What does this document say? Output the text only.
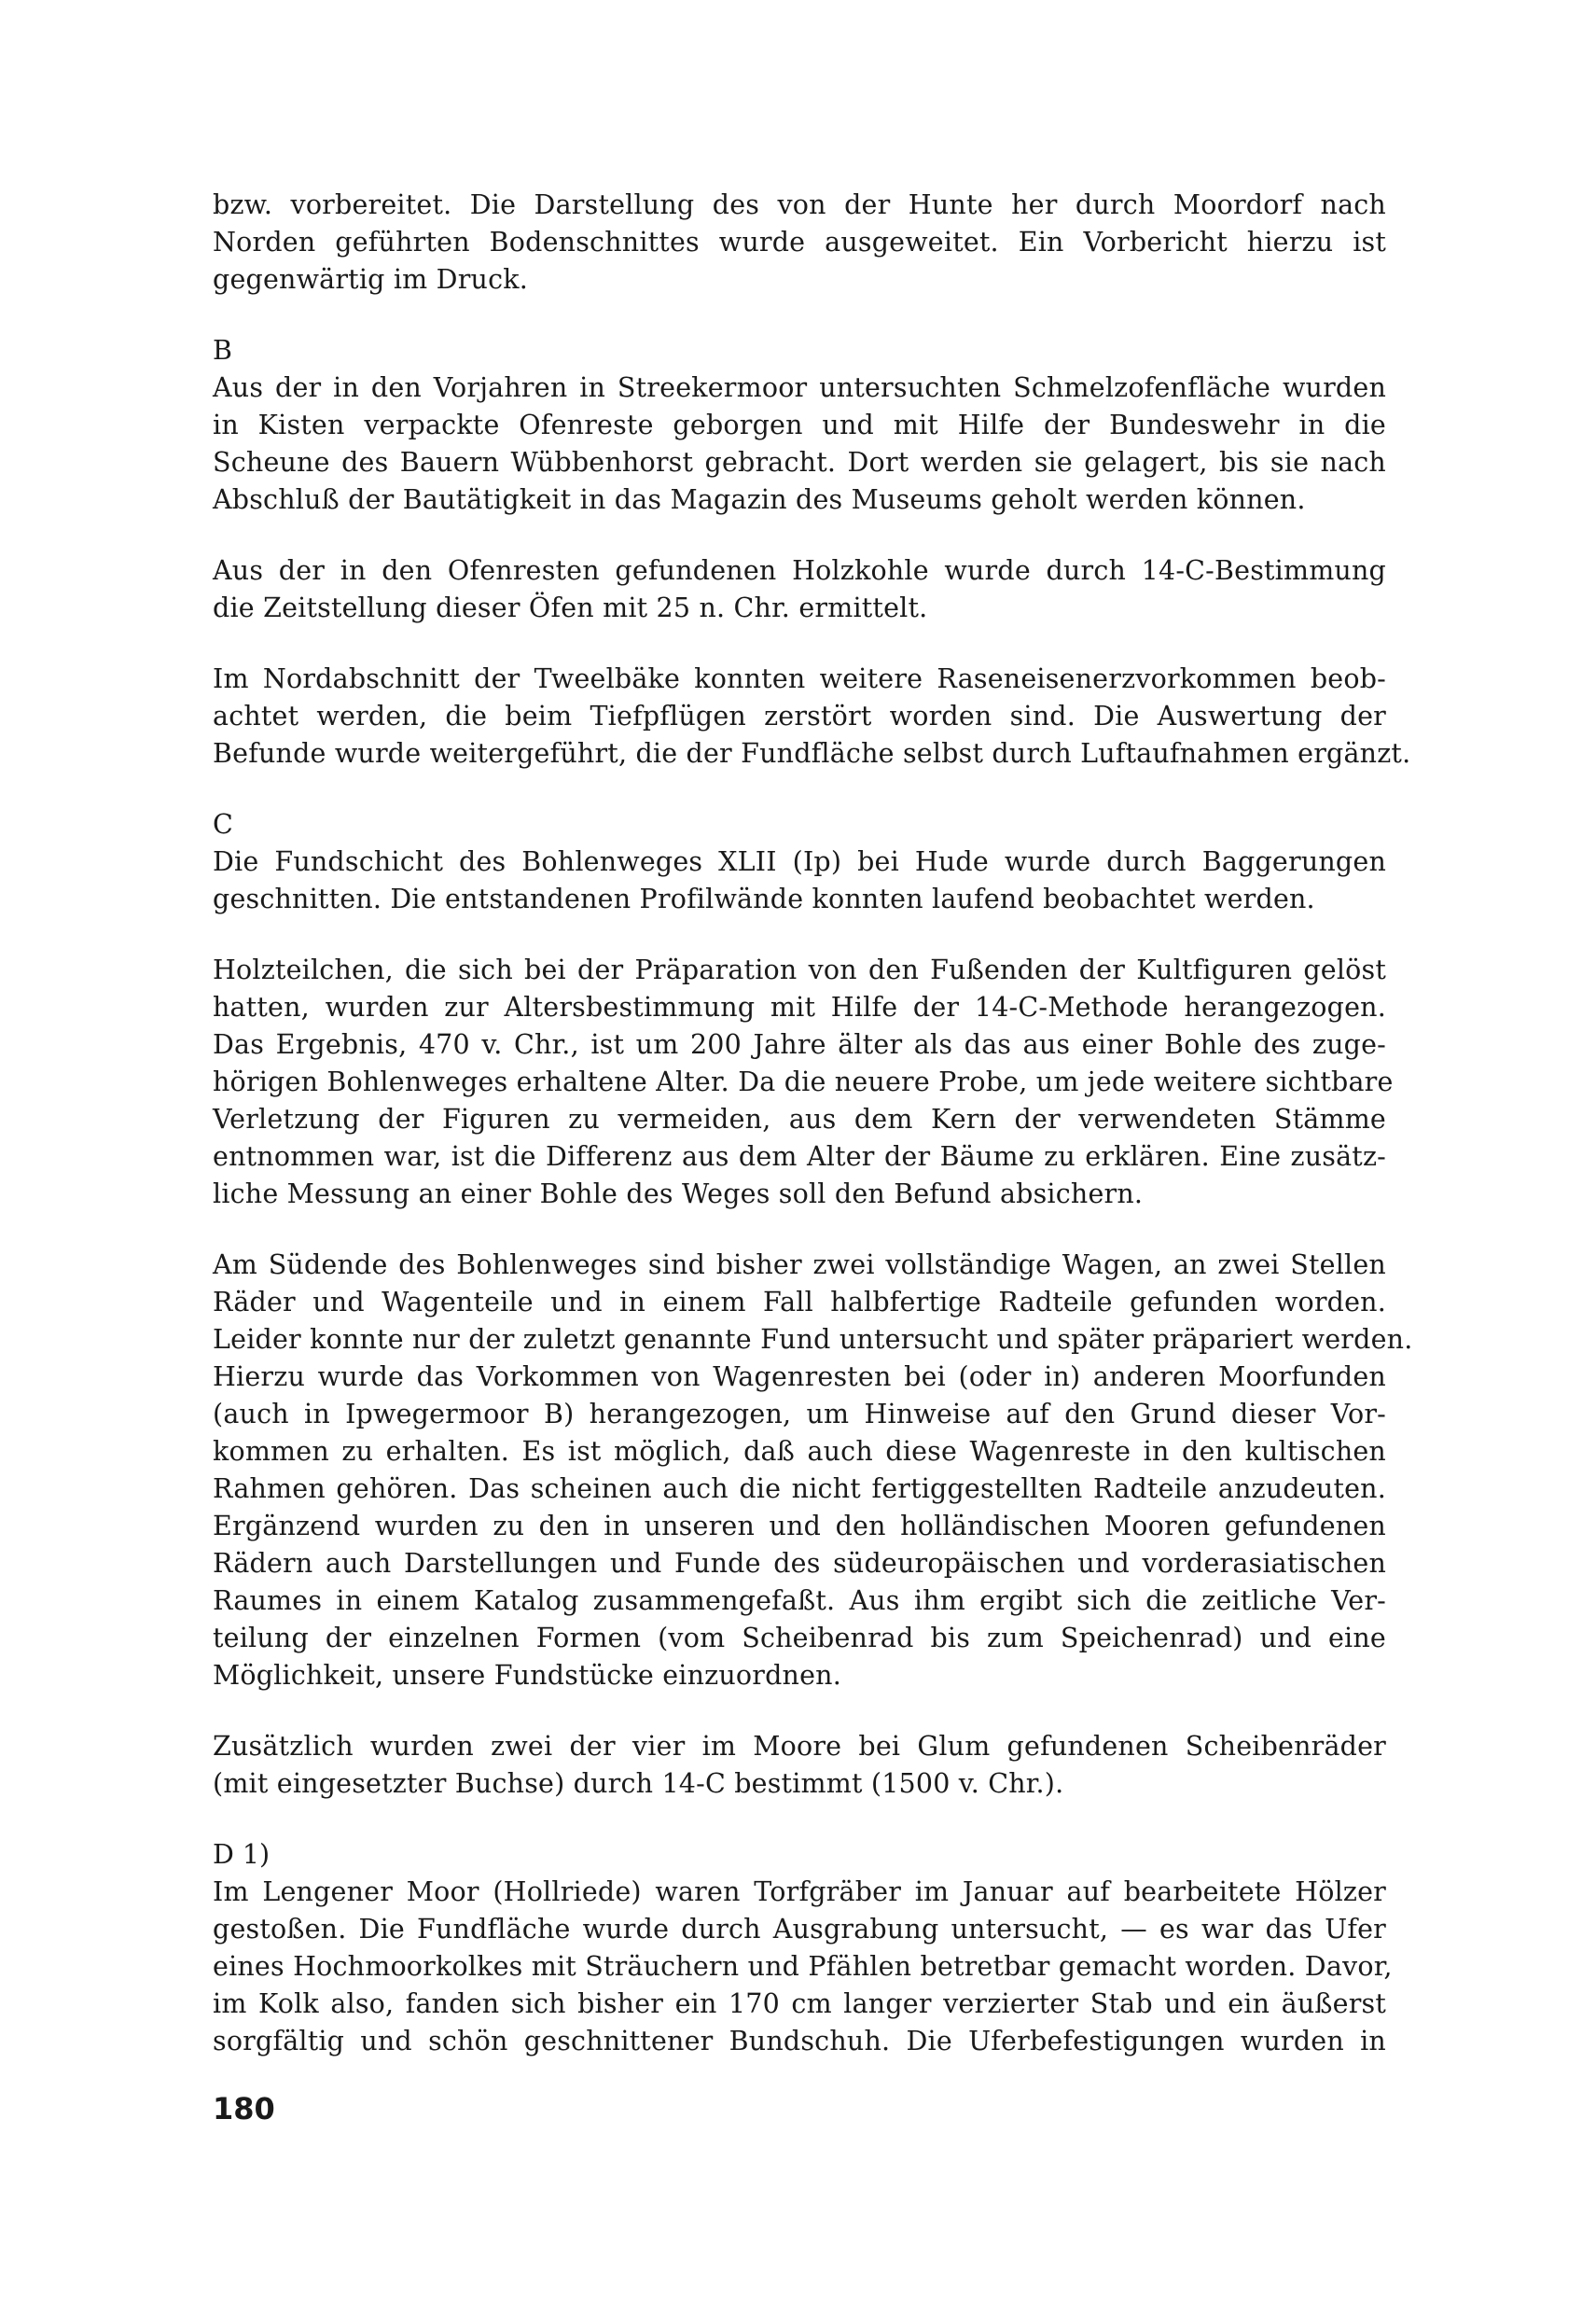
bzw. vorbereitet. Die Darstellung des von der Hunte her durch Moordorf nach
Norden geführten Bodenschnittes wurde ausgeweitet. Ein Vorbericht hierzu ist
gegenwärtig im Druck.
B
Aus der in den Vorjahren in Streekermoor untersuchten Schmelzofenfläche wurden
in Kisten verpackte Ofenreste geborgen und mit Hilfe der Bundeswehr in die
Scheune des Bauern Wübbenhorst gebracht. Dort werden sie gelagert, bis sie nach
Abschluß der Bautätigkeit in das Magazin des Museums geholt werden können.
Aus der in den Ofenresten gefundenen Holzkohle wurde durch 14-C-Bestimmung
die Zeitstellung dieser Öfen mit 25 n. Chr. ermittelt.
Im Nordabschnitt der Tweelbäke konnten weitere Raseneisenerzvorkommen beob-
achtet werden, die beim Tiefpflügen zerstört worden sind. Die Auswertung der
Befunde wurde weitergeführt, die der Fundfläche selbst durch Luftaufnahmen ergänzt.
C
Die Fundschicht des Bohlenweges XLII (Ip) bei Hude wurde durch Baggerungen
geschnitten. Die entstandenen Profilwände konnten laufend beobachtet werden.
Holzteilchen, die sich bei der Präparation von den Fußenden der Kultfiguren gelöst
hatten, wurden zur Altersbestimmung mit Hilfe der 14-C-Methode herangezogen.
Das Ergebnis, 470 v. Chr., ist um 200 Jahre älter als das aus einer Bohle des zuge-
hörigen Bohlenweges erhaltene Alter. Da die neuere Probe, um jede weitere sichtbare
Verletzung der Figuren zu vermeiden, aus dem Kern der verwendeten Stämme
entnommen war, ist die Differenz aus dem Alter der Bäume zu erklären. Eine zusätz-
liche Messung an einer Bohle des Weges soll den Befund absichern.
Am Südende des Bohlenweges sind bisher zwei vollständige Wagen, an zwei Stellen
Räder und Wagenteile und in einem Fall halbfertige Radteile gefunden worden.
Leider konnte nur der zuletzt genannte Fund untersucht und später präpariert werden.
Hierzu wurde das Vorkommen von Wagenresten bei (oder in) anderen Moorfunden
(auch in Ipwegermoor B) herangezogen, um Hinweise auf den Grund dieser Vor-
kommen zu erhalten. Es ist möglich, daß auch diese Wagenreste in den kultischen
Rahmen gehören. Das scheinen auch die nicht fertiggestellten Radteile anzudeuten.
Ergänzend wurden zu den in unseren und den holländischen Mooren gefundenen
Rädern auch Darstellungen und Funde des südeuropäischen und vorderasiatischen
Raumes in einem Katalog zusammengefaßt. Aus ihm ergibt sich die zeitliche Ver-
teilung der einzelnen Formen (vom Scheibenrad bis zum Speichenrad) und eine
Möglichkeit, unsere Fundstücke einzuordnen.
Zusätzlich wurden zwei der vier im Moore bei Glum gefundenen Scheibenräder
(mit eingesetzter Buchse) durch 14-C bestimmt (1500 v. Chr.).
D 1)
Im Lengener Moor (Hollriede) waren Torfgräber im Januar auf bearbeitete Hölzer
gestoßen. Die Fundfläche wurde durch Ausgrabung untersucht, — es war das Ufer
eines Hochmoorkolkes mit Sträuchern und Pfählen betretbar gemacht worden. Davor,
im Kolk also, fanden sich bisher ein 170 cm langer verzierter Stab und ein äußerst
sorgfältig und schön geschnittener Bundschuh. Die Uferbefestigungen wurden in
180
